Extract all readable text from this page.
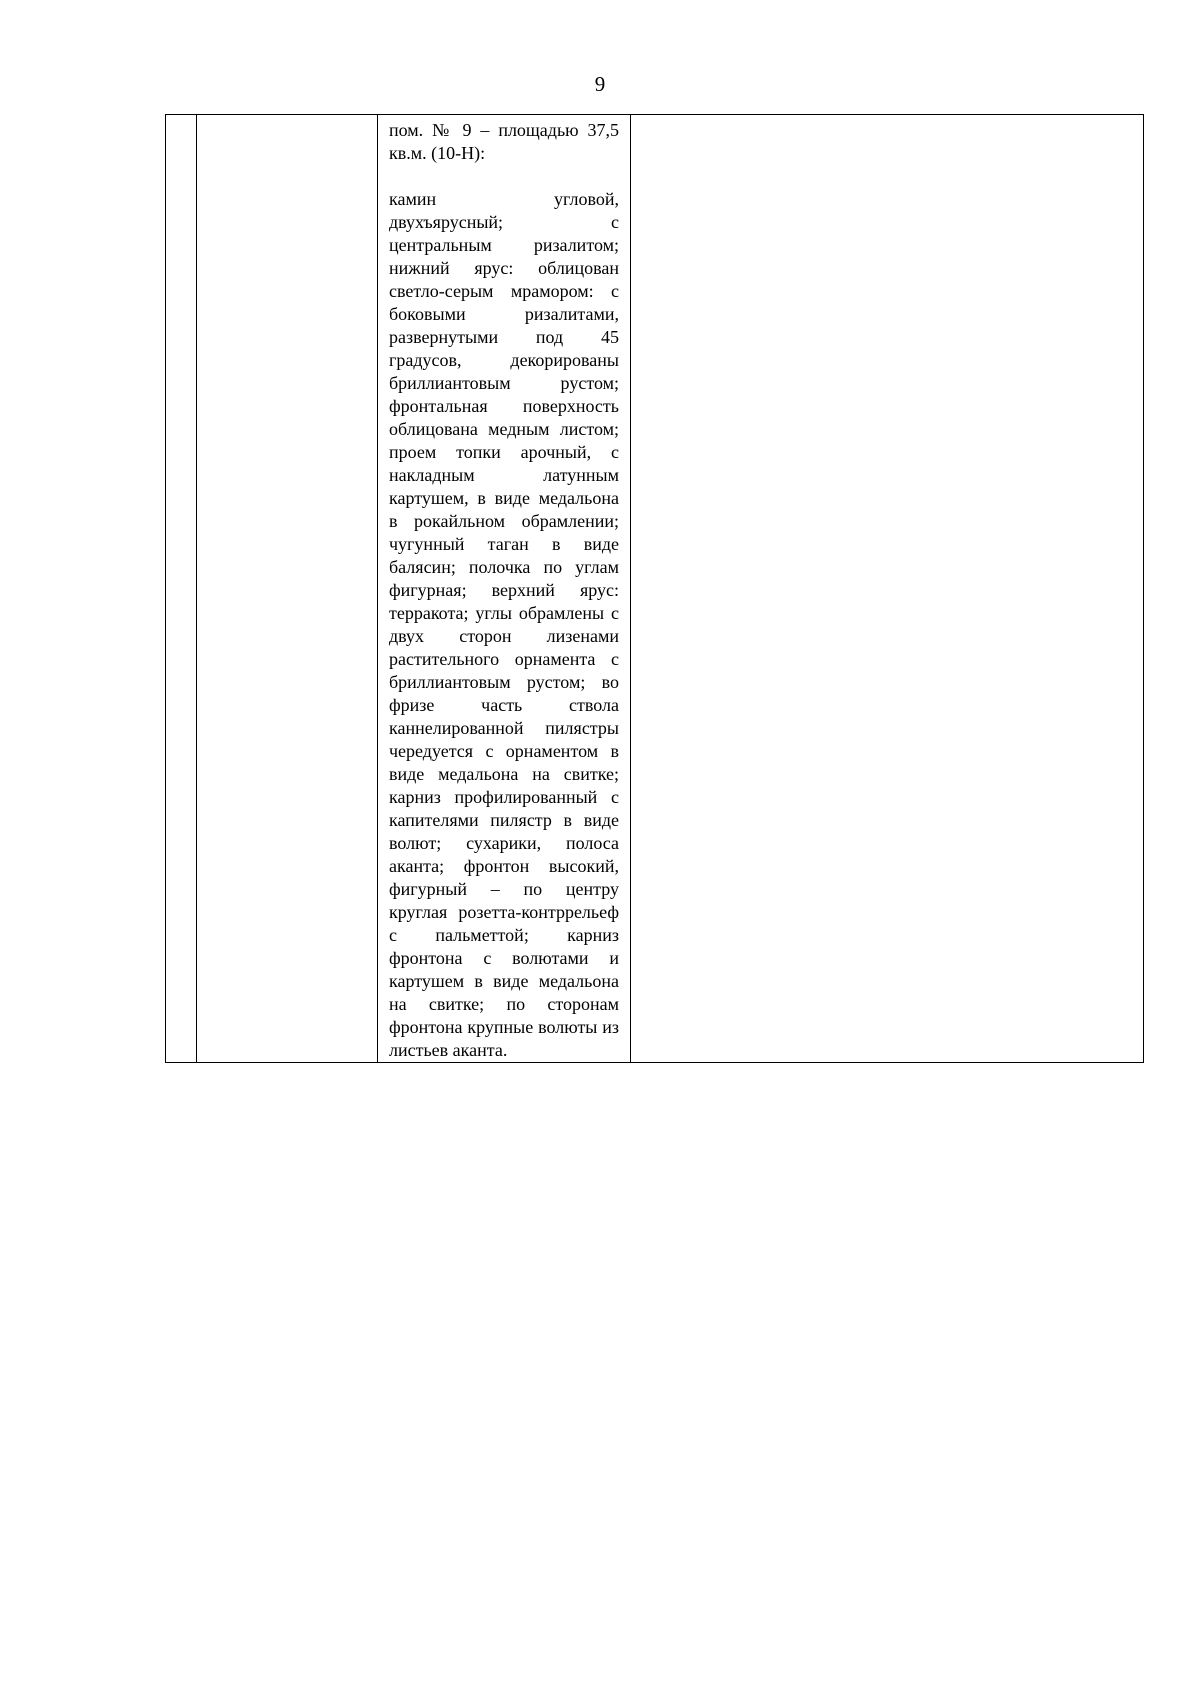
9

пом. № 9 – площадью 37,5 кв.м. (10-Н):

камин угловой, двухъярусный; с центральным ризалитом; нижний ярус: облицован светло-серым мрамором: с боковыми ризалитами, развернутыми под 45 градусов, декорированы бриллиантовым рустом; фронтальная поверхность облицована медным листом; проем топки арочный, с накладным латунным картушем, в виде медальона в рокайльном обрамлении; чугунный таган в виде балясин; полочка по углам фигурная; верхний ярус: терракота; углы обрамлены с двух сторон лизенами растительного орнамента с бриллиантовым рустом; во фризе часть ствола каннелированной пилястры чередуется с орнаментом в виде медальона на свитке; карниз профилированный с капителями пилястр в виде волют; сухарики, полоса аканта; фронтон высокий, фигурный – по центру круглая розетта-контррельеф с пальметтой; карниз фронтона с волютами и картушем в виде медальона на свитке; по сторонам фронтона крупные волюты из листьев аканта.
